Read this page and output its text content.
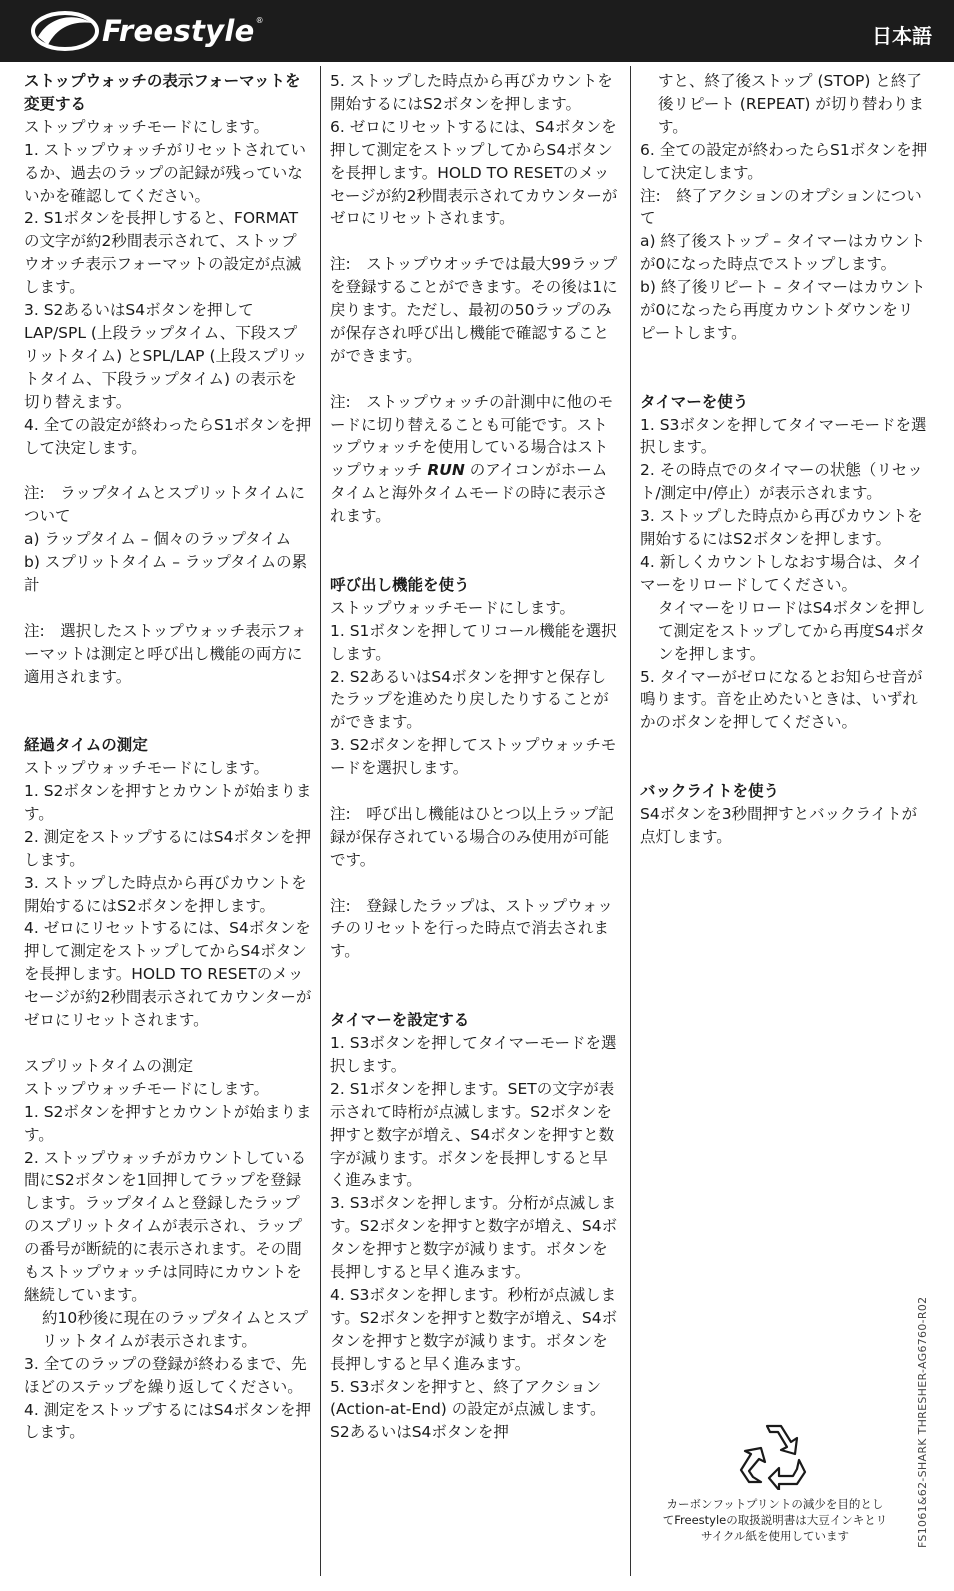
Freestyle ®
日本語
ストップウォッチの表示フォーマットを変更する
ストップウォッチモードにします。
1. ストップウォッチがリセットされているか、過去のラップの記録が残っていないかを確認してください。
2. S1ボタンを長押しすると、FORMATの文字が約2秒間表示されて、ストップウオッチ表示フォーマットの設定が点滅します。
3. S2あるいはS4ボタンを押してLAP/SPL (上段ラップタイム、下段スプリットタイム) とSPL/LAP (上段スプリットタイム、下段ラップタイム) の表示を切り替えます。
4. 全ての設定が終わったらS1ボタンを押して決定します。
注:　ラップタイムとスプリットタイムについて
a) ラップタイム – 個々のラップタイム
b) スプリットタイム – ラップタイムの累計
注:　選択したストップウォッチ表示フォーマットは測定と呼び出し機能の両方に適用されます。
経過タイムの測定
ストップウォッチモードにします。
1. S2ボタンを押すとカウントが始まります。
2. 測定をストップするにはS4ボタンを押します。
3. ストップした時点から再びカウントを開始するにはS2ボタンを押します。
4. ゼロにリセットするには、S4ボタンを押して測定をストップしてからS4ボタンを長押します。HOLD TO RESETのメッセージが約2秒間表示されてカウンターがゼロにリセットされます。
スプリットタイムの測定
ストップウォッチモードにします。
1. S2ボタンを押すとカウントが始まります。
2. ストップウォッチがカウントしている間にS2ボタンを1回押してラップを登録します。ラップタイムと登録したラップのスプリットタイムが表示され、ラップの番号が断続的に表示されます。その間もストップウォッチは同時にカウントを継続しています。
約10秒後に現在のラップタイムとスプリットタイムが表示されます。
3. 全てのラップの登録が終わるまで、先ほどのステップを繰り返してください。
4. 測定をストップするにはS4ボタンを押します。
5. ストップした時点から再びカウントを開始するにはS2ボタンを押します。
6. ゼロにリセットするには、S4ボタンを押して測定をストップしてからS4ボタンを長押します。HOLD TO RESETのメッセージが約2秒間表示されてカウンターがゼロにリセットされます。
注:　ストップウオッチでは最大99ラップを登録することができます。その後は1に戻ります。ただし、最初の50ラップのみが保存され呼び出し機能で確認することができます。
注:　ストップウォッチの計測中に他のモードに切り替えることも可能です。ストップウォッチを使用している場合はストップウォッチ RUN のアイコンがホームタイムと海外タイムモードの時に表示されます。
呼び出し機能を使う
ストップウォッチモードにします。
1. S1ボタンを押してリコール機能を選択します。
2. S2あるいはS4ボタンを押すと保存したラップを進めたり戻したりすることがができます。
3. S2ボタンを押してストップウォッチモードを選択します。
注:　呼び出し機能はひとつ以上ラップ記録が保存されている場合のみ使用が可能です。
注:　登録したラップは、ストップウォッチのリセットを行った時点で消去されます。
タイマーを設定する
1. S3ボタンを押してタイマーモードを選択します。
2. S1ボタンを押します。SETの文字が表示されて時桁が点滅します。S2ボタンを押すと数字が増え、S4ボタンを押すと数字が減ります。ボタンを長押しすると早く進みます。
3. S3ボタンを押します。分桁が点滅します。S2ボタンを押すと数字が増え、S4ボタンを押すと数字が減ります。ボタンを長押しすると早く進みます。
4. S3ボタンを押します。秒桁が点滅します。S2ボタンを押すと数字が増え、S4ボタンを押すと数字が減ります。ボタンを長押しすると早く進みます。
5. S3ボタンを押すと、終了アクション (Action-at-End) の設定が点滅します。S2あるいはS4ボタンを押
すと、終了後ストップ (STOP) と終了後リピート (REPEAT) が切り替わります。
6. 全ての設定が終わったらS1ボタンを押して決定します。
注:　終了アクションのオプションについて
a) 終了後ストップ – タイマーはカウントが0になった時点でストップします。
b) 終了後リピート – タイマーはカウントが0になったら再度カウントダウンをリピートします。
タイマーを使う
1. S3ボタンを押してタイマーモードを選択します。
2. その時点でのタイマーの状態（リセット/測定中/停止）が表示されます。
3. ストップした時点から再びカウントを開始するにはS2ボタンを押します。
4. 新しくカウントしなおす場合は、タイマーをリロードしてください。
タイマーをリロードはS4ボタンを押して測定をストップしてから再度S4ボタンを押します。
5. タイマーがゼロになるとお知らせ音が鳴ります。音を止めたいときは、いずれかのボタンを押してください。
バックライトを使う
S4ボタンを3秒間押すとバックライトが点灯します。
カーボンフットプリントの減少を目的としてFreestyleの取扱説明書は大豆インキとリサイクル紙を使用しています	FS1061&62-SHARK THRESHER-AG6760-R02
